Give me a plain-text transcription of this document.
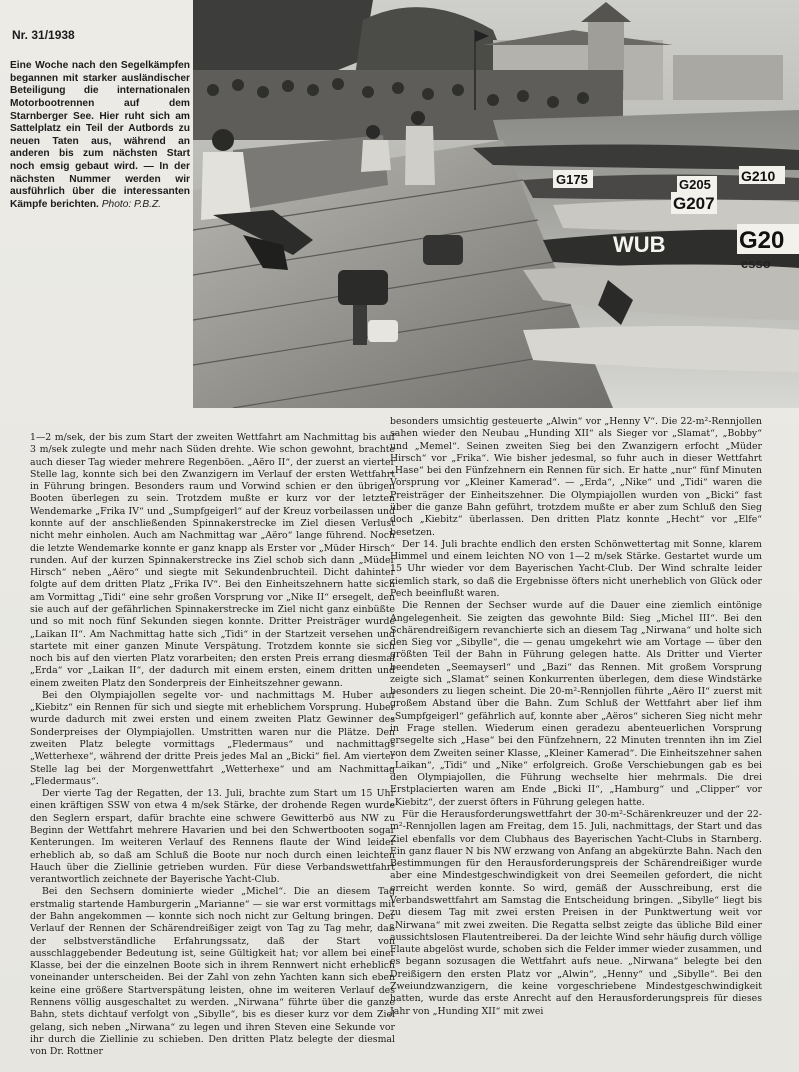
Nr. 31/1938
Eine Woche nach den Segelkämpfen begannen mit starker ausländischer Beteiligung die internationalen Motorbootrennen auf dem Starnberger See. Hier ruht sich am Sattelplatz ein Teil der Autbords zu neuen Taten aus, während an anderen bis zum nächsten Start noch emsig gebaut wird. — In der nächsten Nummer werden wir ausführlich über die interessanten Kämpfe berichten. Photo: P.B.Z.
G175	G205
G210
G207
G20
WUB
esso

1—2 m/sek, der bis zum Start der zweiten Wettfahrt am Nachmittag bis auf 3 m/sek zulegte und mehr nach Süden drehte. Wie schon gewohnt, brachte auch dieser Tag wieder mehrere Regenböen. „Aëro II“, der zuerst an vierter Stelle lag, konnte sich bei den Zwanzigern im Verlauf der ersten Wettfahrt in Führung bringen. Besonders raum und Vorwind schien er den übrigen Booten überlegen zu sein. Trotzdem mußte er kurz vor der letzten Wendemarke „Frika IV“ und „Sumpfgeigerl“ auf der Kreuz vorbeilassen und konnte auf der anschließenden Spinnakerstrecke im Ziel diesen Verlust nicht mehr einholen. Auch am Nachmittag war „Aëro“ lange führend. Noch die letzte Wendemarke konnte er ganz knapp als Erster vor „Müder Hirsch“ runden. Auf der kurzen Spinnakerstrecke ins Ziel schob sich dann „Müder Hirsch“ neben „Aëro“ und siegte mit Sekundenbruchteil. Dicht dahinter folgte auf dem dritten Platz „Frika IV“. Bei den Einheitszehnern hatte sich am Vormittag „Tidi“ eine sehr großen Vorsprung vor „Nike II“ ersegelt, den sie auch auf der gefährlichen Spinnakerstrecke im Ziel nicht ganz einbüßte und so mit noch fünf Sekunden siegen konnte. Dritter Preisträger wurde „Laikan II“. Am Nachmittag hatte sich „Tidi“ in der Startzeit versehen und startete mit einer ganzen Minute Verspätung. Trotzdem konnte sie sich noch bis auf den vierten Platz vorarbeiten; den ersten Preis errang diesmal „Erda“ vor „Laikan II“, der dadurch mit einem ersten, einem dritten und einem zweiten Platz den Sonderpreis der Einheitszehner gewann.

Bei den Olympiajollen segelte vor- und nachmittags M. Huber auf „Kiebitz“ ein Rennen für sich und siegte mit erheblichem Vorsprung. Huber wurde dadurch mit zwei ersten und einem zweiten Platz Gewinner des Sonderpreises der Olympiajollen. Umstritten waren nur die Plätze. Den zweiten Platz belegte vormittags „Fledermaus“ und nachmittags „Wetterhexe“, während der dritte Preis jedes Mal an „Bicki“ fiel. Am vierter Stelle lag bei der Morgenwettfahrt „Wetterhexe“ und am Nachmittag „Fledermaus“.

Der vierte Tag der Regatten, der 13. Juli, brachte zum Start um 15 Uhr einen kräftigen SSW von etwa 4 m/sek Stärke, der drohende Regen wurde den Seglern erspart, dafür brachte eine schwere Gewitterbö aus NW zu Beginn der Wettfahrt mehrere Havarien und bei den Schwertbooten sogar Kenterungen. Im weiteren Verlauf des Rennens flaute der Wind leider erheblich ab, so daß am Schluß die Boote nur noch durch einen leichten Hauch über die Ziellinie getrieben wurden. Für diese Verbandswettfahrt verantwortlich zeichnete der Bayerische Yacht-Club.

Bei den Sechsern dominierte wieder „Michel“. Die an diesem Tag erstmalig startende Hamburgerin „Marianne“ — sie war erst vormittags mit der Bahn angekommen — konnte sich noch nicht zur Geltung bringen. Der Verlauf der Rennen der Schärendreißiger zeigt von Tag zu Tag mehr, daß der selbstverständliche Erfahrungssatz, daß der Start von ausschlaggebender Bedeutung ist, seine Gültigkeit hat; vor allem bei einer Klasse, bei der die einzelnen Boote sich in ihrem Rennwert nicht erheblich voneinander unterscheiden. Bei der Zahl von zehn Yachten kann sich eben keine eine größere Startverspätung leisten, ohne im weiteren Verlauf des Rennens völlig ausgeschaltet zu werden. „Nirwana“ führte über die ganze Bahn, stets dichtauf verfolgt von „Sibylle“, bis es dieser kurz vor dem Ziel gelang, sich neben „Nirwana“ zu legen und ihren Steven eine Sekunde vor ihr durch die Ziellinie zu schieben. Den dritten Platz belegte der diesmal von Dr. Rottner

besonders umsichtig gesteuerte „Alwin“ vor „Henny V“. Die 22-m²-Rennjollen sahen wieder den Neubau „Hunding XII“ als Sieger vor „Slamat“, „Bobby“ und „Memel“. Seinen zweiten Sieg bei den Zwanzigern erfocht „Müder Hirsch“ vor „Frika“. Wie bisher jedesmal, so fuhr auch in dieser Wettfahrt „Hase“ bei den Fünfzehnern ein Rennen für sich. Er hatte „nur“ fünf Minuten Vorsprung vor „Kleiner Kamerad“. — „Erda“, „Nike“ und „Tidi“ waren die Preisträger der Einheitszehner. Die Olympiajollen wurden von „Bicki“ fast über die ganze Bahn geführt, trotzdem mußte er aber zum Schluß den Sieg doch „Kiebitz“ überlassen. Den dritten Platz konnte „Hecht“ vor „Elfe“ besetzen.

Der 14. Juli brachte endlich den ersten Schönwettertag mit Sonne, klarem Himmel und einem leichten NO von 1—2 m/sek Stärke. Gestartet wurde um 15 Uhr wieder vor dem Bayerischen Yacht-Club. Der Wind schralte leider ziemlich stark, so daß die Ergebnisse öfters nicht unerheblich von Glück oder Pech beeinflußt waren.

Die Rennen der Sechser wurde auf die Dauer eine ziemlich eintönige Angelegenheit. Sie zeigten das gewohnte Bild: Sieg „Michel III“. Bei den Schärendreißigern revanchierte sich an diesem Tag „Nirwana“ und holte sich den Sieg vor „Sibylle“, die — genau umgekehrt wie am Vortage — über den größten Teil der Bahn in Führung gelegen hatte. Als Dritter und Vierter beendeten „Seemayserl“ und „Bazi“ das Rennen. Mit großem Vorsprung zeigte sich „Slamat“ seinen Konkurrenten überlegen, dem diese Windstärke besonders zu liegen scheint. Die 20-m²-Rennjollen führte „Aëro II“ zuerst mit großem Abstand über die Bahn. Zum Schluß der Wettfahrt aber lief ihm „Sumpfgeigerl“ gefährlich auf, konnte aber „Aëros“ sicheren Sieg nicht mehr in Frage stellen. Wiederum einen geradezu abenteuerlichen Vorsprung ersegelte sich „Hase“ bei den Fünfzehnern, 22 Minuten trennten ihn im Ziel von dem Zweiten seiner Klasse, „Kleiner Kamerad“. Die Einheitszehner sahen „Laikan“, „Tidi“ und „Nike“ erfolgreich. Große Verschiebungen gab es bei den Olympiajollen, die Führung wechselte hier mehrmals. Die drei Erstplacierten waren am Ende „Bicki II“, „Hamburg“ und „Clipper“ vor „Kiebitz“, der zuerst öfters in Führung gelegen hatte.

Für die Herausforderungswettfahrt der 30-m²-Schärenkreuzer und der 22-m²-Rennjollen lagen am Freitag, dem 15. Juli, nachmittags, der Start und das Ziel ebenfalls vor dem Clubhaus des Bayerischen Yacht-Clubs in Starnberg. Ein ganz flauer N bis NW erzwang von Anfang an abgekürzte Bahn. Nach den Bestimmungen für den Herausforderungspreis der Schärendreißiger wurde aber eine Mindestgeschwindigkeit von drei Seemeilen gefordert, die nicht erreicht werden konnte. So wird, gemäß der Ausschreibung, erst die Verbandswettfahrt am Samstag die Entscheidung bringen. „Sibylle“ liegt bis zu diesem Tag mit zwei ersten Preisen in der Punktwertung weit vor „Nirwana“ mit zwei zweiten. Die Regatta selbst zeigte das übliche Bild einer aussichtslosen Flautentreiberei. Da der leichte Wind sehr häufig durch völlige Flaute abgelöst wurde, schoben sich die Felder immer wieder zusammen, und es begann sozusagen die Wettfahrt aufs neue. „Nirwana“ belegte bei den Dreißigern den ersten Platz vor „Alwin“, „Henny“ und „Sibylle“. Bei den Zweiundzwanzigern, die keine vorgeschriebene Mindestgeschwindigkeit hatten, wurde das erste Anrecht auf den Herausforderungspreis für dieses Jahr von „Hunding XII“ mit zwei
